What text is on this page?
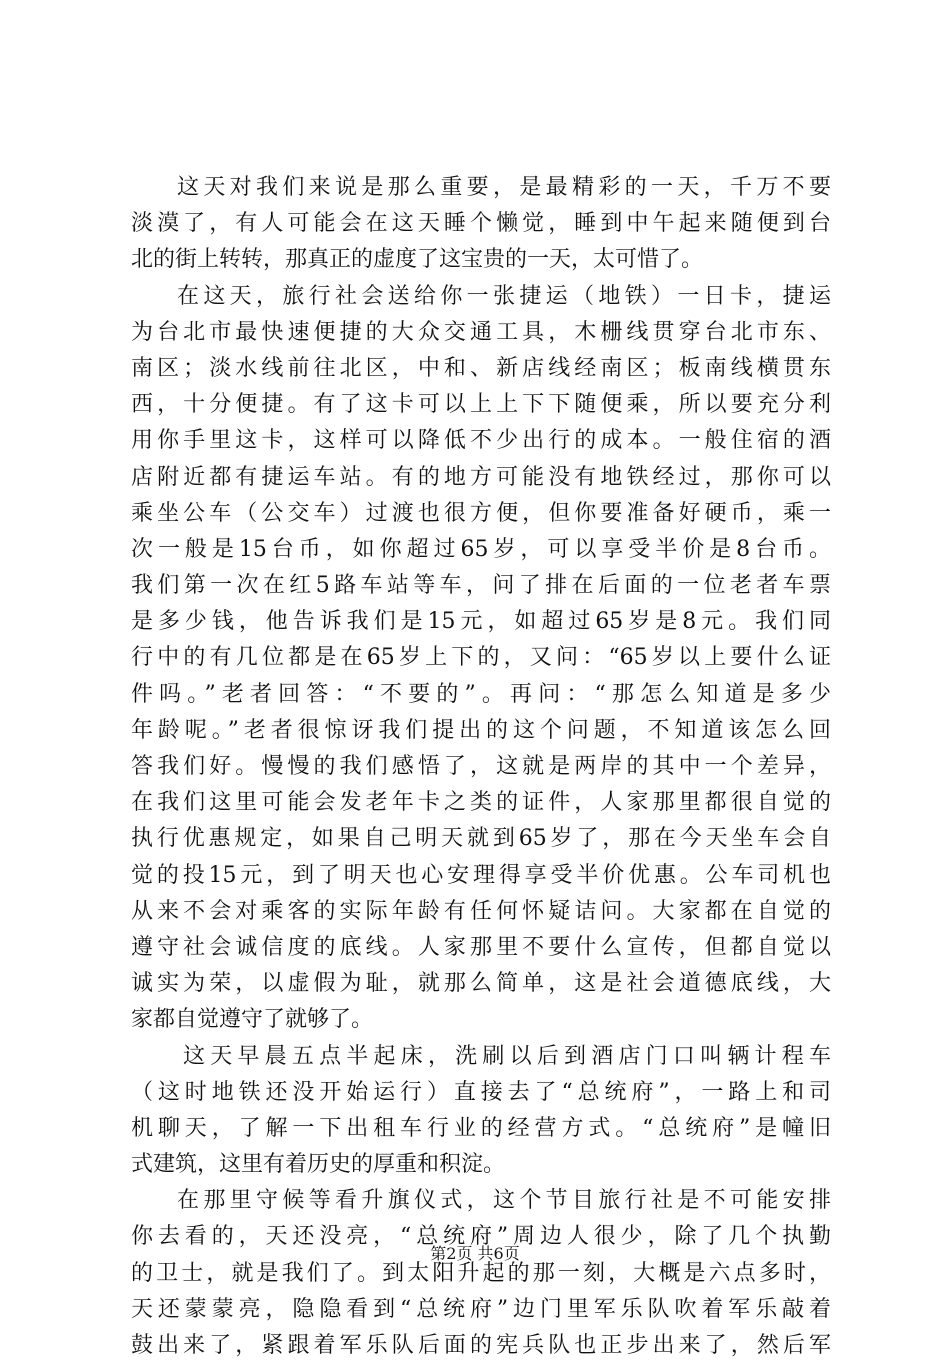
这天对我们来说是那么重要，是最精彩的一天，千万不要
淡漠了，有人可能会在这天睡个懒觉，睡到中午起来随便到台
北的街上转转，那真正的虚度了这宝贵的一天，太可惜了。
在这天，旅行社会送给你一张捷运（地铁）一日卡，捷运
为台北市最快速便捷的大众交通工具，木栅线贯穿台北市东、
南区；淡水线前往北区，中和、新店线经南区；板南线横贯东
西，十分便捷。有了这卡可以上上下下随便乘，所以要充分利
用你手里这卡，这样可以降低不少出行的成本。一般住宿的酒
店附近都有捷运车站。有的地方可能没有地铁经过，那你可以
乘坐公车（公交车）过渡也很方便，但你要准备好硬币，乘一
次一般是15台币，如你超过65岁，可以享受半价是8台币。
我们第一次在红5路车站等车，问了排在后面的一位老者车票
是多少钱，他告诉我们是15元，如超过65岁是8元。我们同
行中的有几位都是在65岁上下的，又问：“65岁以上要什么证
件吗。”老者回答：“不要的”。再问：“那怎么知道是多少
年龄呢。”老者很惊讶我们提出的这个问题，不知道该怎么回
答我们好。慢慢的我们感悟了，这就是两岸的其中一个差异，
在我们这里可能会发老年卡之类的证件，人家那里都很自觉的
执行优惠规定，如果自己明天就到65岁了，那在今天坐车会自
觉的投15元，到了明天也心安理得享受半价优惠。公车司机也
从来不会对乘客的实际年龄有任何怀疑诘问。大家都在自觉的
遵守社会诚信度的底线。人家那里不要什么宣传，但都自觉以
诚实为荣，以虚假为耻，就那么简单，这是社会道德底线，大
家都自觉遵守了就够了。
这天早晨五点半起床，洗刷以后到酒店门口叫辆计程车
（这时地铁还没开始运行）直接去了“总统府”，一路上和司
机聊天，了解一下出租车行业的经营方式。“总统府”是幢旧
式建筑，这里有着历史的厚重和积淀。
在那里守候等看升旗仪式，这个节目旅行社是不可能安排
你去看的，天还没亮，“总统府”周边人很少，除了几个执勤
的卫士，就是我们了。到太阳升起的那一刻，大概是六点多时，
天还蒙蒙亮，隐隐看到“总统府”边门里军乐队吹着军乐敲着
鼓出来了，紧跟着军乐队后面的宪兵队也正步出来了，然后军
第2页 共6页
